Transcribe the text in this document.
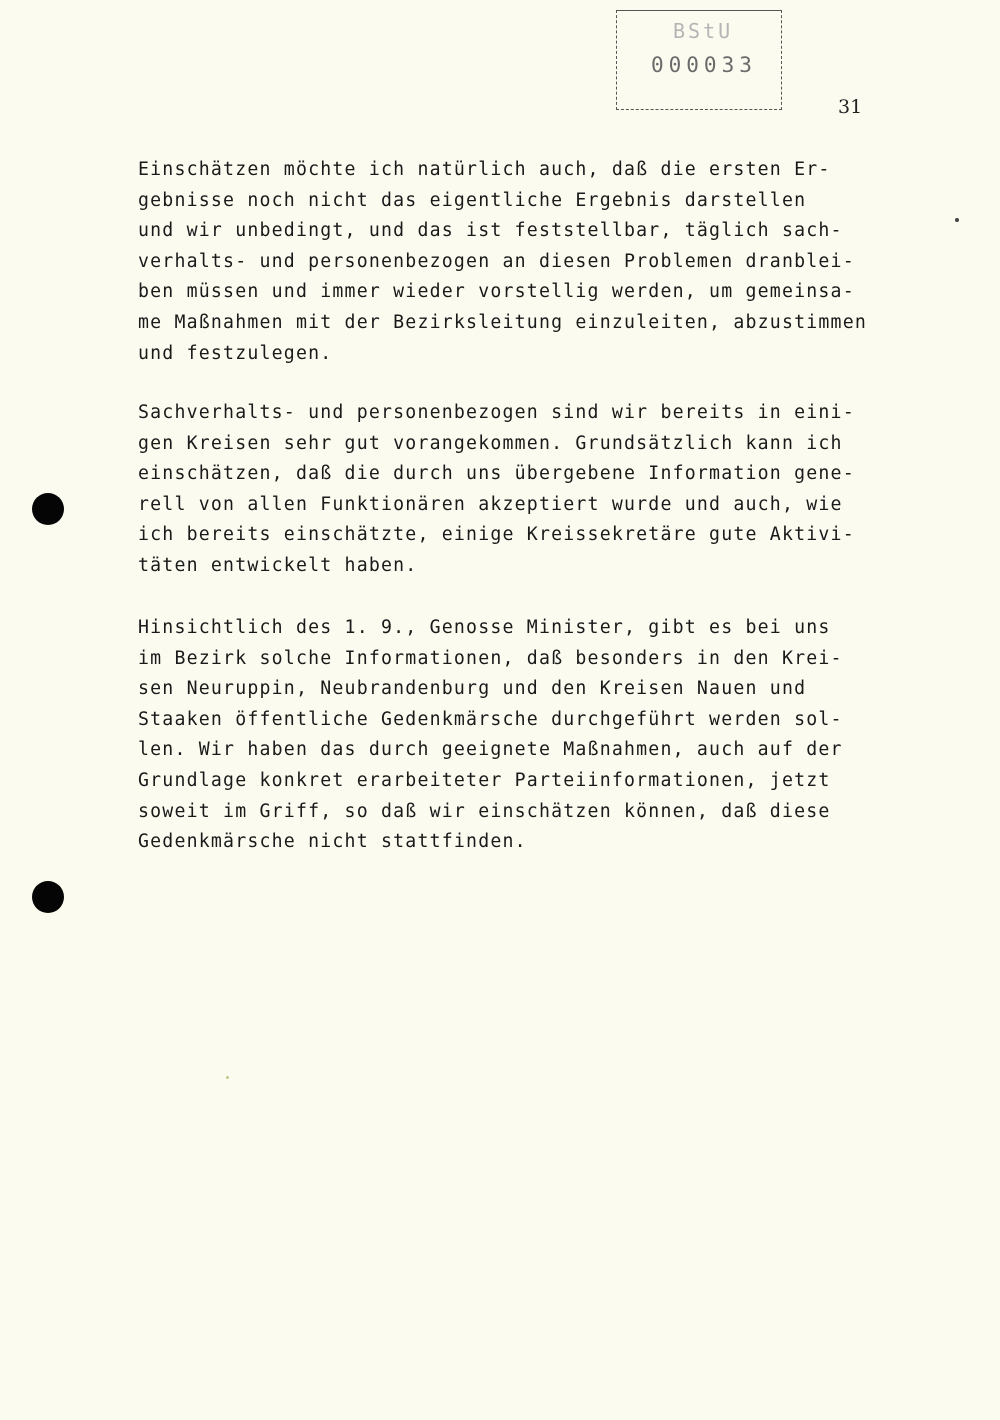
BStU
000033
31
Einschätzen möchte ich natürlich auch, daß die ersten Er-
gebnisse noch nicht das eigentliche Ergebnis darstellen
und wir unbedingt, und das ist feststellbar, täglich sach-
verhalts- und personenbezogen an diesen Problemen dranblei-
ben müssen und immer wieder vorstellig werden, um gemeinsa-
me Maßnahmen mit der Bezirksleitung einzuleiten, abzustimmen
und festzulegen.
Sachverhalts- und personenbezogen sind wir bereits in eini-
gen Kreisen sehr gut vorangekommen. Grundsätzlich kann ich
einschätzen, daß die durch uns übergebene Information gene-
rell von allen Funktionären akzeptiert wurde und auch, wie
ich bereits einschätzte, einige Kreissekretäre gute Aktivi-
täten entwickelt haben.
Hinsichtlich des 1. 9., Genosse Minister, gibt es bei uns
im Bezirk solche Informationen, daß besonders in den Krei-
sen Neuruppin, Neubrandenburg und den Kreisen Nauen und
Staaken öffentliche Gedenkmärsche durchgeführt werden sol-
len. Wir haben das durch geeignete Maßnahmen, auch auf der
Grundlage konkret erarbeiteter Parteiinformationen, jetzt
soweit im Griff, so daß wir einschätzen können, daß diese
Gedenkmärsche nicht stattfinden.
